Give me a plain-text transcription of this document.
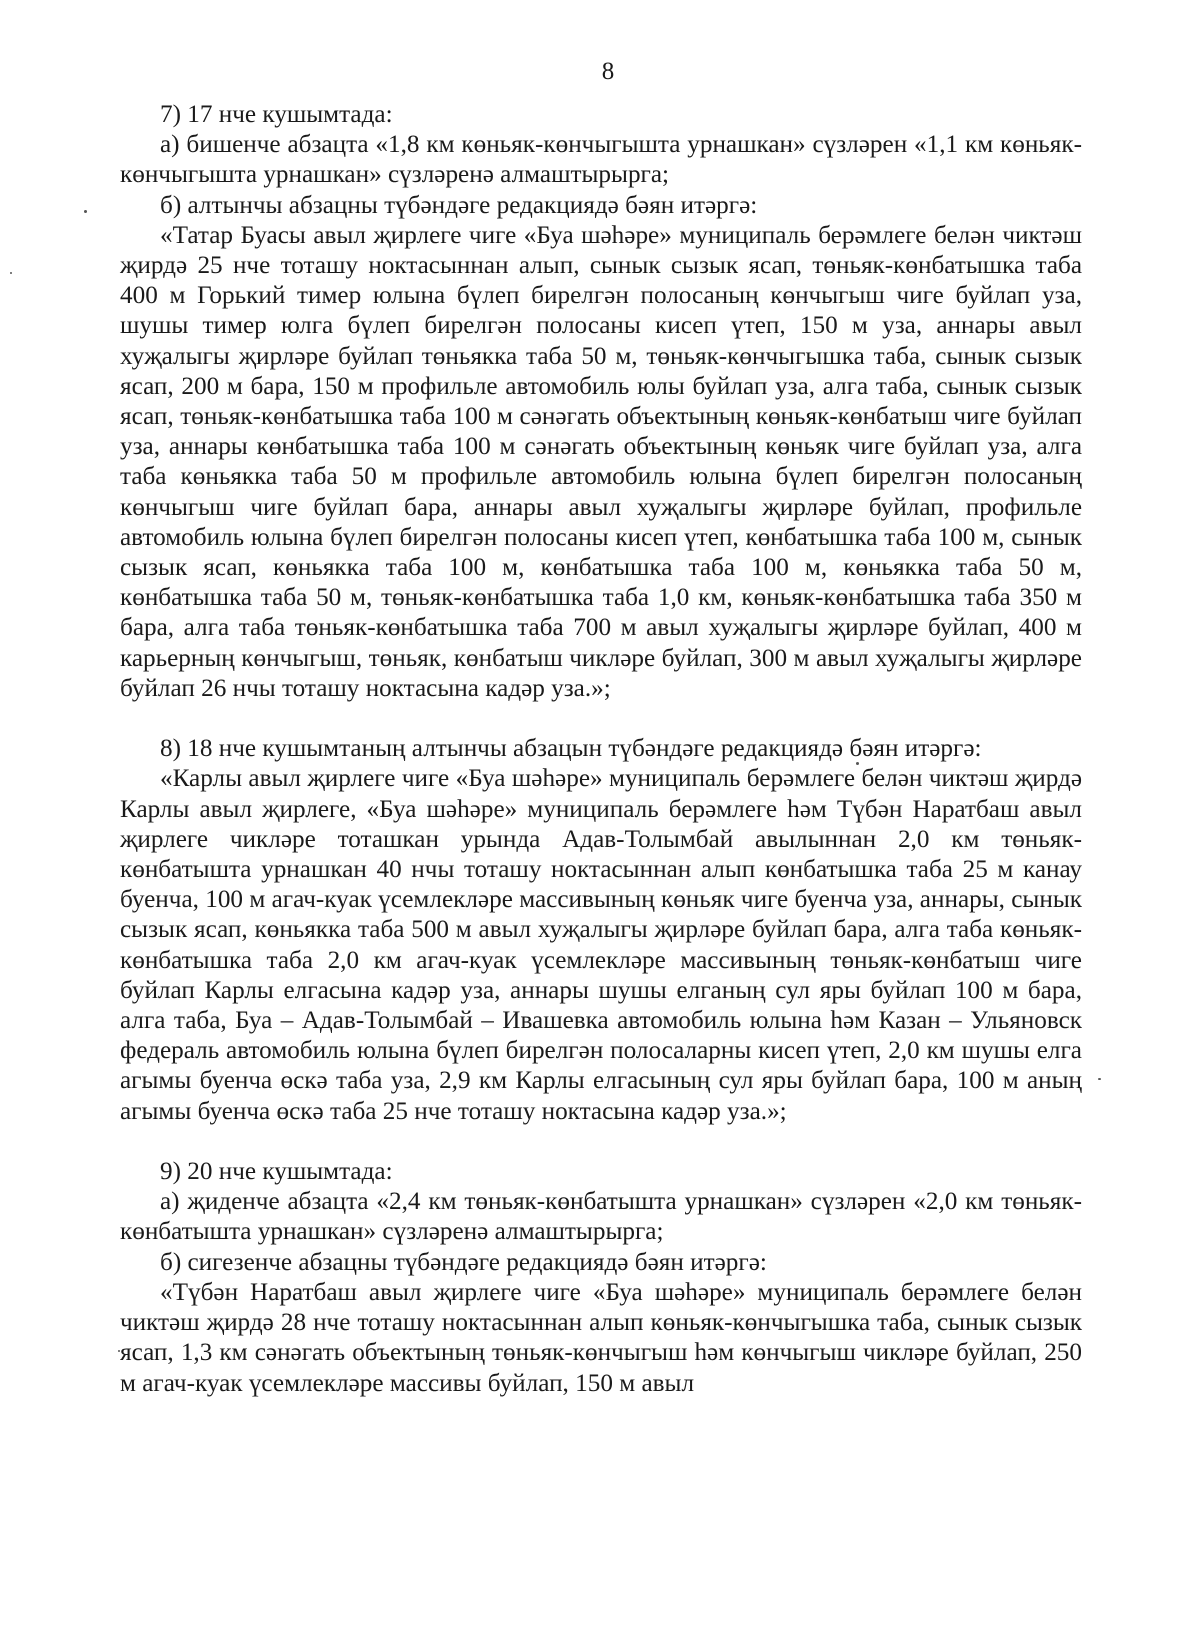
8

7) 17 нче кушымтада:

а) бишенче абзацта «1,8 км көньяк-көнчыгышта урнашкан» сүзләрен «1,1 км көньяк-көнчыгышта урнашкан» сүзләренә алмаштырырга;

б) алтынчы абзацны түбәндәге редакциядә бәян итәргә:

«Татар Буасы авыл җирлеге чиге «Буа шәһәре» муниципаль берәмлеге белән чиктәш җирдә 25 нче тоташу ноктасыннан алып, сынык сызык ясап, төньяк-көнбатышка таба 400 м Горький тимер юлына бүлеп бирелгән полосаның көнчыгыш чиге буйлап уза, шушы тимер юлга бүлеп бирелгән полосаны кисеп үтеп, 150 м уза, аннары авыл хуҗалыгы җирләре буйлап төньякка таба 50 м, төньяк-көнчыгышка таба, сынык сызык ясап, 200 м бара, 150 м профильле автомобиль юлы буйлап уза, алга таба, сынык сызык ясап, төньяк-көнбатышка таба 100 м сәнәгать объектының көньяк-көнбатыш чиге буйлап уза, аннары көнбатышка таба 100 м сәнәгать объектының көньяк чиге буйлап уза, алга таба көньякка таба 50 м профильле автомобиль юлына бүлеп бирелгән полосаның көнчыгыш чиге буйлап бара, аннары авыл хуҗалыгы җирләре буйлап, профильле автомобиль юлына бүлеп бирелгән полосаны кисеп үтеп, көнбатышка таба 100 м, сынык сызык ясап, көньякка таба 100 м, көнбатышка таба 100 м, көньякка таба 50 м, көнбатышка таба 50 м, төньяк-көнбатышка таба 1,0 км, көньяк-көнбатышка таба 350 м бара, алга таба төньяк-көнбатышка таба 700 м авыл хуҗалыгы җирләре буйлап, 400 м карьерның көнчыгыш, төньяк, көнбатыш чикләре буйлап, 300 м авыл хуҗалыгы җирләре буйлап 26 нчы тоташу ноктасына кадәр уза.»;

8) 18 нче кушымтаның алтынчы абзацын түбәндәге редакциядә бәян итәргә:

«Карлы авыл җирлеге чиге «Буа шәһәре» муниципаль берәмлеге белән чиктәш җирдә Карлы авыл җирлеге, «Буа шәһәре» муниципаль берәмлеге һәм Түбән Наратбаш авыл җирлеге чикләре тоташкан урында Адав-Толымбай авылыннан 2,0 км төньяк-көнбатышта урнашкан 40 нчы тоташу ноктасыннан алып көнбатышка таба 25 м канау буенча, 100 м агач-куак үсемлекләре массивының көньяк чиге буенча уза, аннары, сынык сызык ясап, көньякка таба 500 м авыл хуҗалыгы җирләре буйлап бара, алга таба көньяк-көнбатышка таба 2,0 км агач-куак үсемлекләре массивының төньяк-көнбатыш чиге буйлап Карлы елгасына кадәр уза, аннары шушы елганың сул яры буйлап 100 м бара, алга таба, Буа – Адав-Толымбай – Ивашевка автомобиль юлына һәм Казан – Ульяновск федераль автомобиль юлына бүлеп бирелгән полосаларны кисеп үтеп, 2,0 км шушы елга агымы буенча өскә таба уза, 2,9 км Карлы елгасының сул яры буйлап бара, 100 м аның агымы буенча өскә таба 25 нче тоташу ноктасына кадәр уза.»;

9) 20 нче кушымтада:

а) җиденче абзацта «2,4 км төньяк-көнбатышта урнашкан» сүзләрен «2,0 км төньяк-көнбатышта урнашкан» сүзләренә алмаштырырга;

б) сигезенче абзацны түбәндәге редакциядә бәян итәргә:

«Түбән Наратбаш авыл җирлеге чиге «Буа шәһәре» муниципаль берәмлеге белән чиктәш җирдә 28 нче тоташу ноктасыннан алып көньяк-көнчыгышка таба, сынык сызык ясап, 1,3 км сәнәгать объектының төньяк-көнчыгыш һәм көнчыгыш чикләре буйлап, 250 м агач-куак үсемлекләре массивы буйлап, 150 м авыл
